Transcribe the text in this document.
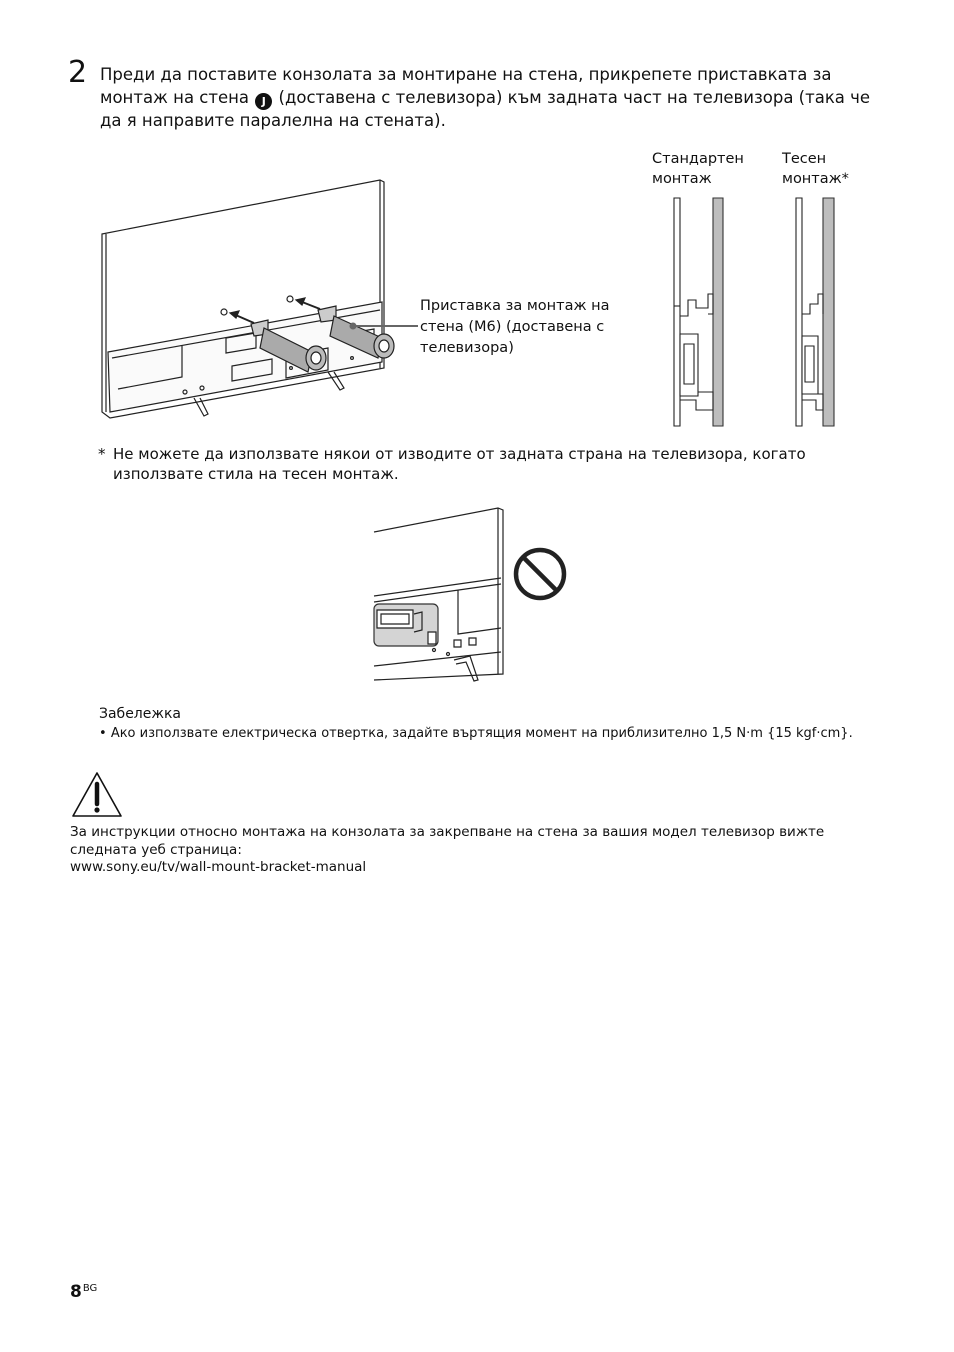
2 Преди да поставите конзолата за монтиране на стена, прикрепете приставката за монтаж на стена J (доставена с телевизора) към задната част на телевизора (така че да я направите паралелна на стената).
Приставка за монтаж на стена (M6) (доставена с телевизора)
Стандартен
монтаж
Тесен
монтаж*
* Не можете да използвате някои от изводите от задната страна на телевизора, когато използвате стила на тесен монтаж.
Забележка
• Ако използвате електрическа отвертка, задайте въртящия момент на приблизително 1,5 N·m {15 kgf·cm}.
За инструкции относно монтажа на конзолата за закрепване на стена за вашия модел телевизор вижте следната уеб страница:
www.sony.eu/tv/wall-mount-bracket-manual
$8^{BG}$
